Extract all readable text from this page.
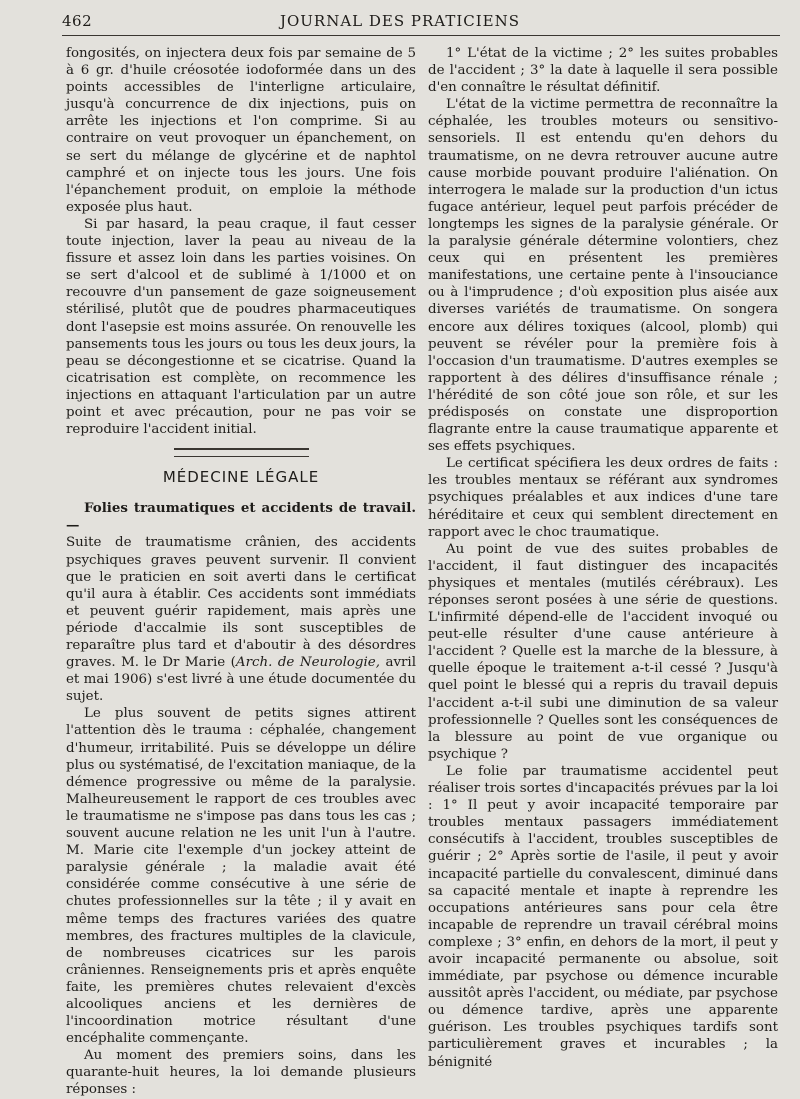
462	JOURNAL DES PRATICIENS

fongosités, on injectera deux fois par semaine de 5 à 6 gr. d'huile créosotée iodoformée dans un des points accessibles de l'interligne articulaire, jusqu'à concurrence de dix injections, puis on arrête les injections et l'on comprime. Si au contraire on veut provoquer un épanchement, on se sert du mélange de glycérine et de naphtol camphré et on injecte tous les jours. Une fois l'épanchement produit, on emploie la méthode exposée plus haut.

Si par hasard, la peau craque, il faut cesser toute injection, laver la peau au niveau de la fissure et assez loin dans les parties voisines. On se sert d'alcool et de sublimé à 1/1000 et on recouvre d'un pansement de gaze soigneusement stérilisé, plutôt que de poudres pharmaceutiques dont l'asepsie est moins assurée. On renouvelle les pansements tous les jours ou tous les deux jours, la peau se décongestionne et se cicatrise. Quand la cicatrisation est complète, on recommence les injections en attaquant l'articulation par un autre point et avec précaution, pour ne pas voir se reproduire l'accident initial.

MÉDECINE LÉGALE

Folies traumatiques et accidents de travail. —

Suite de traumatisme crânien, des accidents psychiques graves peuvent survenir. Il convient que le praticien en soit averti dans le certificat qu'il aura à établir. Ces accidents sont immédiats et peuvent guérir rapidement, mais après une période d'accalmie ils sont susceptibles de reparaître plus tard et d'aboutir à des désordres graves. M. le Dr Marie (Arch. de Neurologie, avril et mai 1906) s'est livré à une étude documentée du sujet.

Le plus souvent de petits signes attirent l'attention dès le trauma : céphalée, changement d'humeur, irritabilité. Puis se développe un délire plus ou systématisé, de l'excitation maniaque, de la démence progressive ou même de la paralysie. Malheureusement le rapport de ces troubles avec le traumatisme ne s'impose pas dans tous les cas ; souvent aucune relation ne les unit l'un à l'autre. M. Marie cite l'exemple d'un jockey atteint de paralysie générale ; la maladie avait été considérée comme consécutive à une série de chutes professionnelles sur la tête ; il y avait en même temps des fractures variées des quatre membres, des fractures multiples de la clavicule, de nombreuses cicatrices sur les parois crâniennes. Renseignements pris et après enquête faite, les premières chutes relevaient d'excès alcooliques anciens et les dernières de l'incoordination motrice résultant d'une encéphalite commençante.

Au moment des premiers soins, dans les quarante-huit heures, la loi demande plusieurs réponses :

1° L'état de la victime ; 2° les suites probables de l'accident ; 3° la date à laquelle il sera possible d'en connaître le résultat définitif.

L'état de la victime permettra de reconnaître la céphalée, les troubles moteurs ou sensitivo-sensoriels. Il est entendu qu'en dehors du traumatisme, on ne devra retrouver aucune autre cause morbide pouvant produire l'aliénation. On interrogera le malade sur la production d'un ictus fugace antérieur, lequel peut parfois précéder de longtemps les signes de la paralysie générale. Or la paralysie générale détermine volontiers, chez ceux qui en présentent les premières manifestations, une certaine pente à l'insouciance ou à l'imprudence ; d'où exposition plus aisée aux diverses variétés de traumatisme. On songera encore aux délires toxiques (alcool, plomb) qui peuvent se révéler pour la première fois à l'occasion d'un traumatisme. D'autres exemples se rapportent à des délires d'insuffisance rénale ; l'hérédité de son côté joue son rôle, et sur les prédisposés on constate une disproportion flagrante entre la cause traumatique apparente et ses effets psychiques.

Le certificat spécifiera les deux ordres de faits : les troubles mentaux se référant aux syndromes psychiques préalables et aux indices d'une tare héréditaire et ceux qui semblent directement en rapport avec le choc traumatique.

Au point de vue des suites probables de l'accident, il faut distinguer des incapacités physiques et mentales (mutilés cérébraux). Les réponses seront posées à une série de questions. L'infirmité dépend-elle de l'accident invoqué ou peut-elle résulter d'une cause antérieure à l'accident ? Quelle est la marche de la blessure, à quelle époque le traitement a-t-il cessé ? Jusqu'à quel point le blessé qui a repris du travail depuis l'accident a-t-il subi une diminution de sa valeur professionnelle ? Quelles sont les conséquences de la blessure au point de vue organique ou psychique ?

Le folie par traumatisme accidentel peut réaliser trois sortes d'incapacités prévues par la loi : 1° Il peut y avoir incapacité temporaire par troubles mentaux passagers immédiatement consécutifs à l'accident, troubles susceptibles de guérir ; 2° Après sortie de l'asile, il peut y avoir incapacité partielle du convalescent, diminué dans sa capacité mentale et inapte à reprendre les occupations antérieures sans pour cela être incapable de reprendre un travail cérébral moins complexe ; 3° enfin, en dehors de la mort, il peut y avoir incapacité permanente ou absolue, soit immédiate, par psychose ou démence incurable aussitôt après l'accident, ou médiate, par psychose ou démence tardive, après une apparente guérison. Les troubles psychiques tardifs sont particulièrement graves et incurables ; la bénignité
